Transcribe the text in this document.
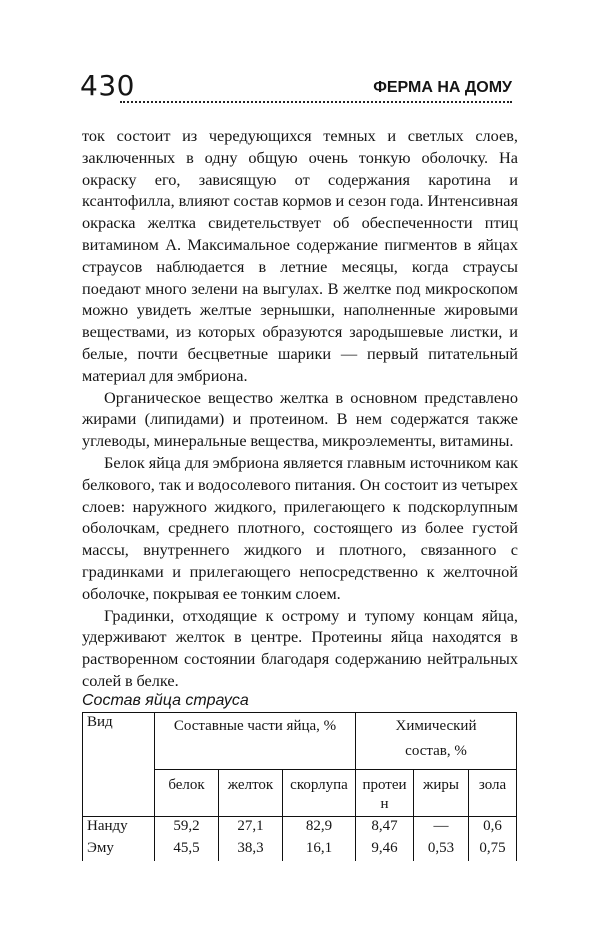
430	ФЕРМА НА ДОМУ

ток состоит из чередующихся темных и светлых слоев, заключенных в одну общую очень тонкую оболочку. На окраску его, зависящую от содержания каротина и ксантофилла, влияют состав кормов и сезон года. Интенсивная окраска желтка свидетельствует об обеспеченности птиц витамином А. Максимальное содержание пигментов в яйцах страусов наблюдается в летние месяцы, когда страусы поедают много зелени на выгулах. В желтке под микроскопом можно увидеть желтые зернышки, наполненные жировыми веществами, из которых образуются зародышевые листки, и белые, почти бесцветные шарики — первый питательный материал для эмбриона.

Органическое вещество желтка в основном представлено жирами (липидами) и протеином. В нем содержатся также углеводы, минеральные вещества, микроэлементы, витамины.

Белок яйца для эмбриона является главным источником как белкового, так и водосолевого питания. Он состоит из четырех слоев: наружного жидкого, прилегающего к подскорлупным оболочкам, среднего плотного, состоящего из более густой массы, внутреннего жидкого и плотного, связанного с градинками и прилегающего непосредственно к желточной оболочке, покрывая ее тонким слоем.

Градинки, отходящие к острому и тупому концам яйца, удерживают желток в центре. Протеины яйца находятся в растворенном состоянии благодаря содержанию нейтральных солей в белке.

Состав яйца страуса
Вид	Составные части яйца, %			Химический
состав, %		

	белок	желток	скорлупа	протеин	жиры	зола
Нанду	59,2	27,1	82,9	8,47	—	0,6
Эму	45,5	38,3	16,1	9,46	0,53	0,75
